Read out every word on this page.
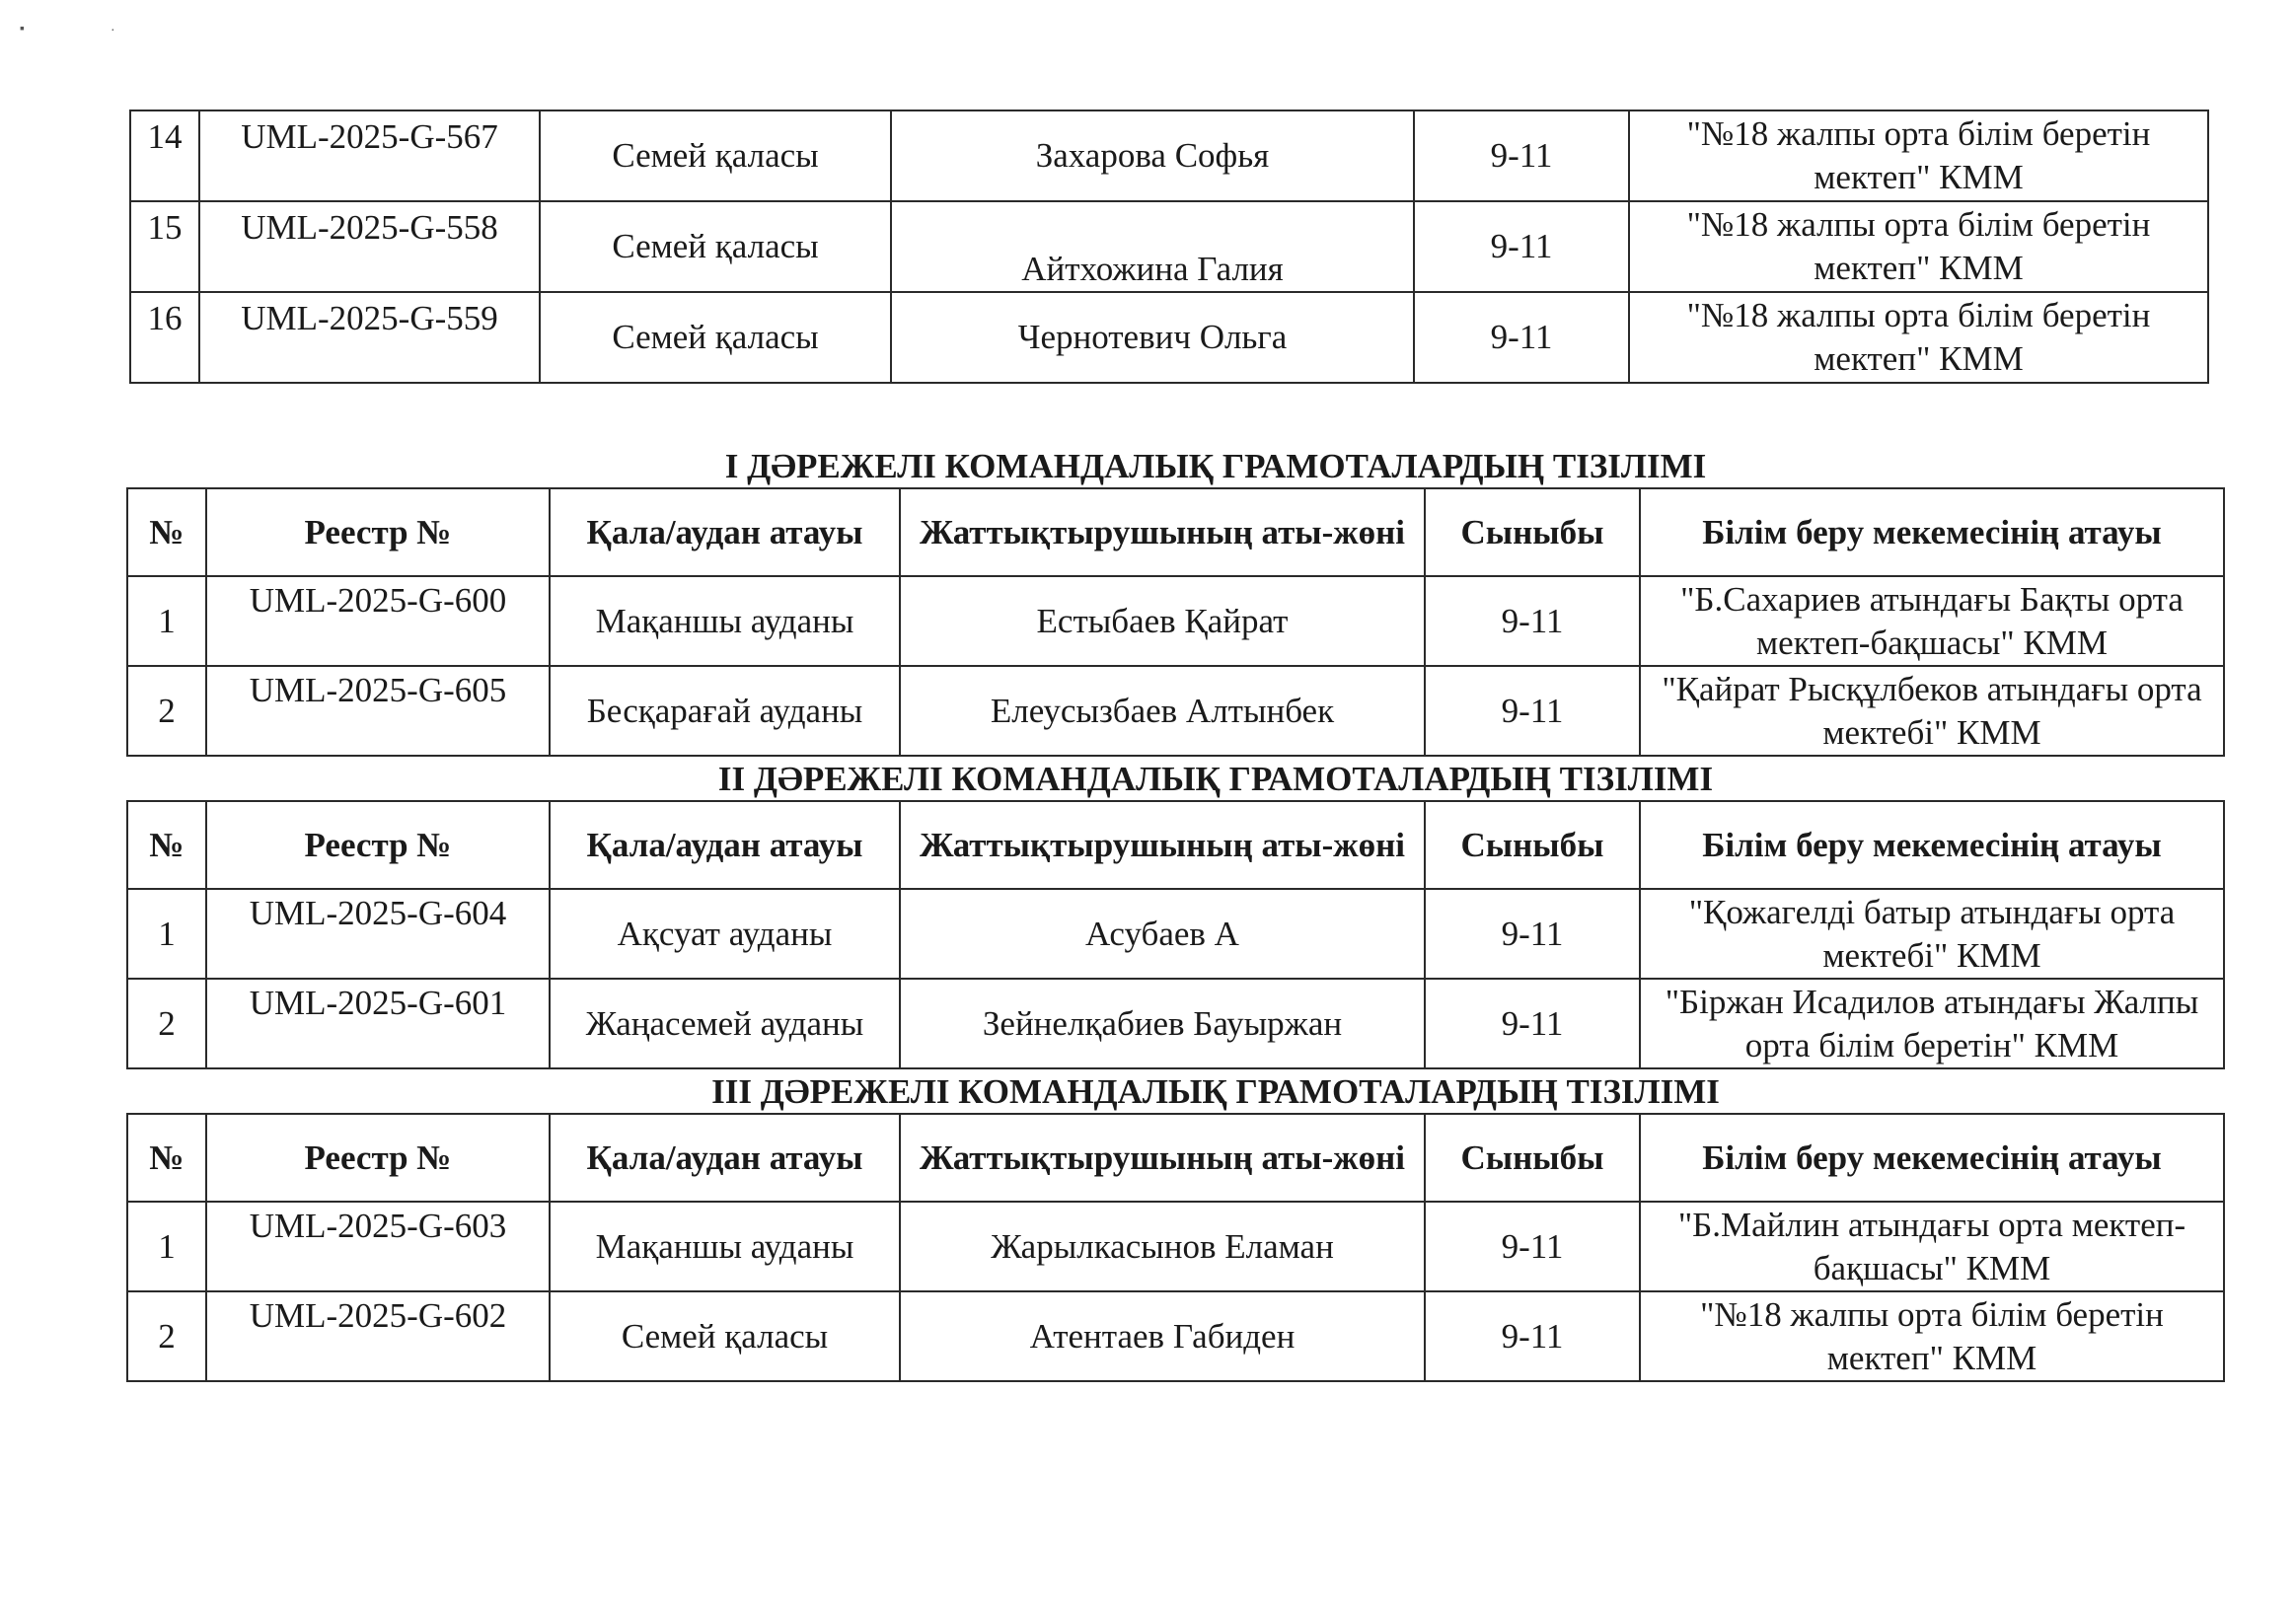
▪	·
14	UML-2025-G-567	Семей қаласы	Захарова Софья	9-11	"№18 жалпы орта білім беретін мектеп" КММ
15	UML-2025-G-558	Семей қаласы	Айтхожина Галия	9-11	"№18 жалпы орта білім беретін мектеп" КММ
16	UML-2025-G-559	Семей қаласы	Чернотевич Ольга	9-11	"№18 жалпы орта білім беретін мектеп" КММ
I ДӘРЕЖЕЛІ КОМАНДАЛЫҚ ГРАМОТАЛАРДЫҢ ТІЗІЛІМІ
№	Реестр №	Қала/аудан атауы	Жаттықтырушының аты-жөні	Сыныбы	Білім беру мекемесінің атауы
1	UML-2025-G-600	Мақаншы ауданы	Естыбаев Қайрат	9-11	"Б.Сахариев атындағы Бақты орта мектеп-бақшасы" КММ
2	UML-2025-G-605	Бесқарағай ауданы	Елеусызбаев Алтынбек	9-11	"Қайрат Рысқұлбеков атындағы орта мектебі" КММ
II ДӘРЕЖЕЛІ КОМАНДАЛЫҚ ГРАМОТАЛАРДЫҢ ТІЗІЛІМІ
№	Реестр №	Қала/аудан атауы	Жаттықтырушының аты-жөні	Сыныбы	Білім беру мекемесінің атауы
1	UML-2025-G-604	Ақсуат ауданы	Асубаев А	9-11	"Қожагелді батыр атындағы орта мектебі" КММ
2	UML-2025-G-601	Жаңасемей ауданы	Зейнелқабиев Бауыржан	9-11	"Біржан Исадилов атындағы Жалпы орта білім беретін" КММ
III ДӘРЕЖЕЛІ КОМАНДАЛЫҚ ГРАМОТАЛАРДЫҢ ТІЗІЛІМІ
№	Реестр №	Қала/аудан атауы	Жаттықтырушының аты-жөні	Сыныбы	Білім беру мекемесінің атауы
1	UML-2025-G-603	Мақаншы ауданы	Жарылкасынов Еламан	9-11	"Б.Майлин атындағы орта мектеп-бақшасы" КММ
2	UML-2025-G-602	Семей қаласы	Атентаев Габиден	9-11	"№18 жалпы орта білім беретін мектеп" КММ
